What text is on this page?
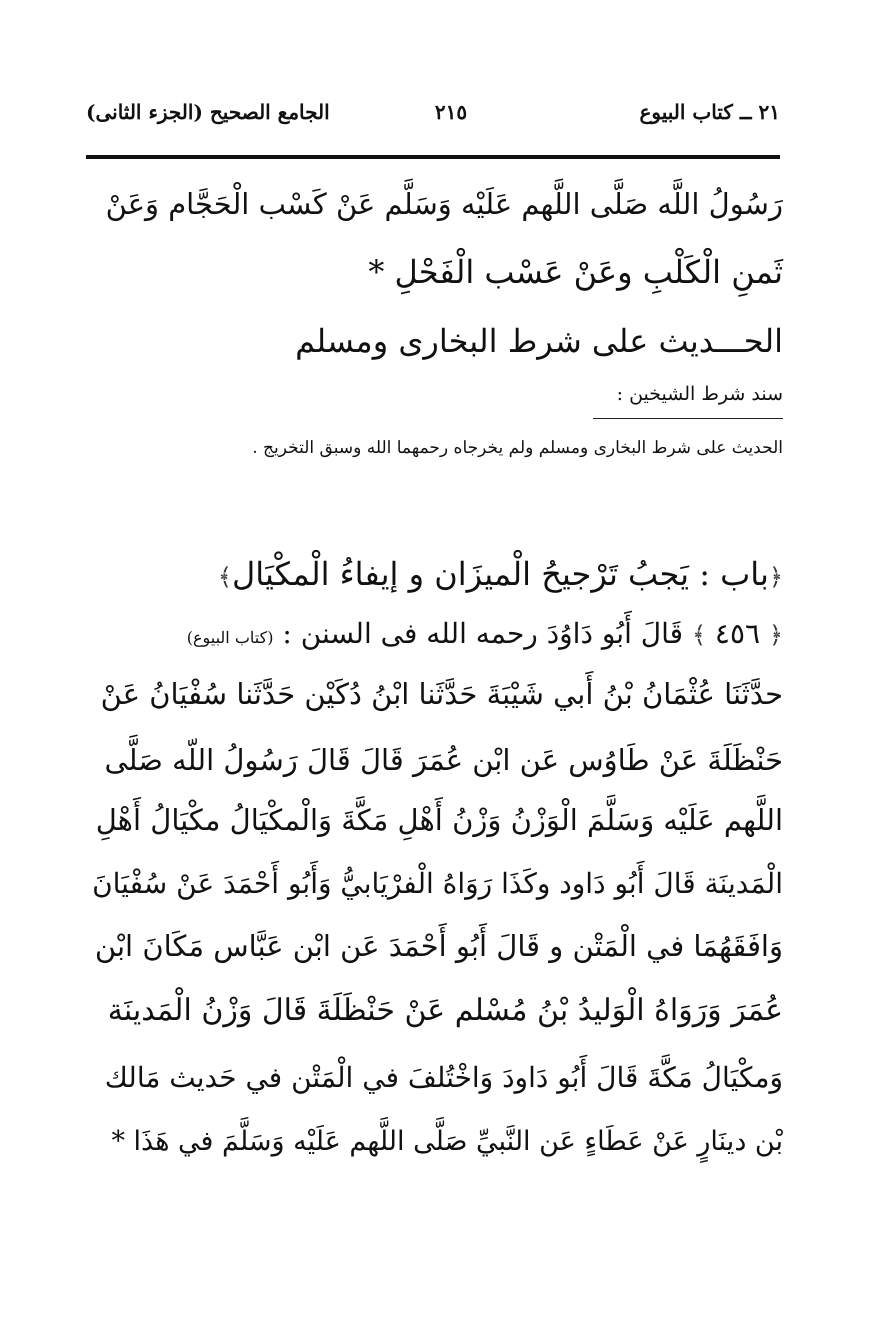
٢١ ــ كتاب البيوع
٢١٥
الجامع الصحيح (الجزء الثانى)
رَسُولُ اللَّه صَلَّى اللَّهم عَلَيْه وَسَلَّم عَنْ كَسْب الْحَجَّام وَعَنْ
ثَمنِ الْكَلْبِ وعَنْ عَسْب الْفَحْلِ *
الحـــديث على شرط البخارى ومسلم
سند شرط الشيخين :
الحديث على شرط البخارى ومسلم ولم يخرجاه رحمهما الله وسبق التخريج .
﴿باب : يَجبُ تَرْجيحُ الْميزَان و إيفاءُ الْمكْيَال﴾
﴿ ٤٥٦ ﴾ قَالَ أَبُو دَاوُدَ رحمه الله فى السنن : (كتاب البيوع)
حدَّثَنَا عُثْمَانُ بْنُ أَبي شَيْبَةَ حَدَّثَنا ابْنُ دُكَيْن حَدَّثَنا سُفْيَانُ عَنْ
حَنْظَلَةَ عَنْ طَاوُس عَن ابْن عُمَرَ قَالَ قَالَ رَسُولُ اللّه صَلَّى
اللَّهم عَلَيْه وَسَلَّمَ الْوَزْنُ وَزْنُ أَهْلِ مَكَّةَ وَالْمكْيَالُ مكْيَالُ أَهْلِ
الْمَدينَة قَالَ أَبُو دَاود وكَذَا رَوَاهُ الْفرْيَابيُّ وَأَبُو أَحْمَدَ عَنْ سُفْيَانَ
وَافَقَهُمَا في الْمَتْن و قَالَ أَبُو أَحْمَدَ عَن ابْن عَبَّاس مَكَانَ ابْن
عُمَرَ وَرَوَاهُ الْوَليدُ بْنُ مُسْلم عَنْ حَنْظَلَةَ قَالَ وَزْنُ الْمَدينَة
وَمكْيَالُ مَكَّةَ قَالَ أَبُو دَاودَ وَاخْتُلفَ في الْمَتْن في حَديث مَالك
بْن دينَارٍ عَنْ عَطَاءٍ عَن النَّبيِّ صَلَّى اللَّهم عَلَيْه وَسَلَّمَ في هَذَا *
